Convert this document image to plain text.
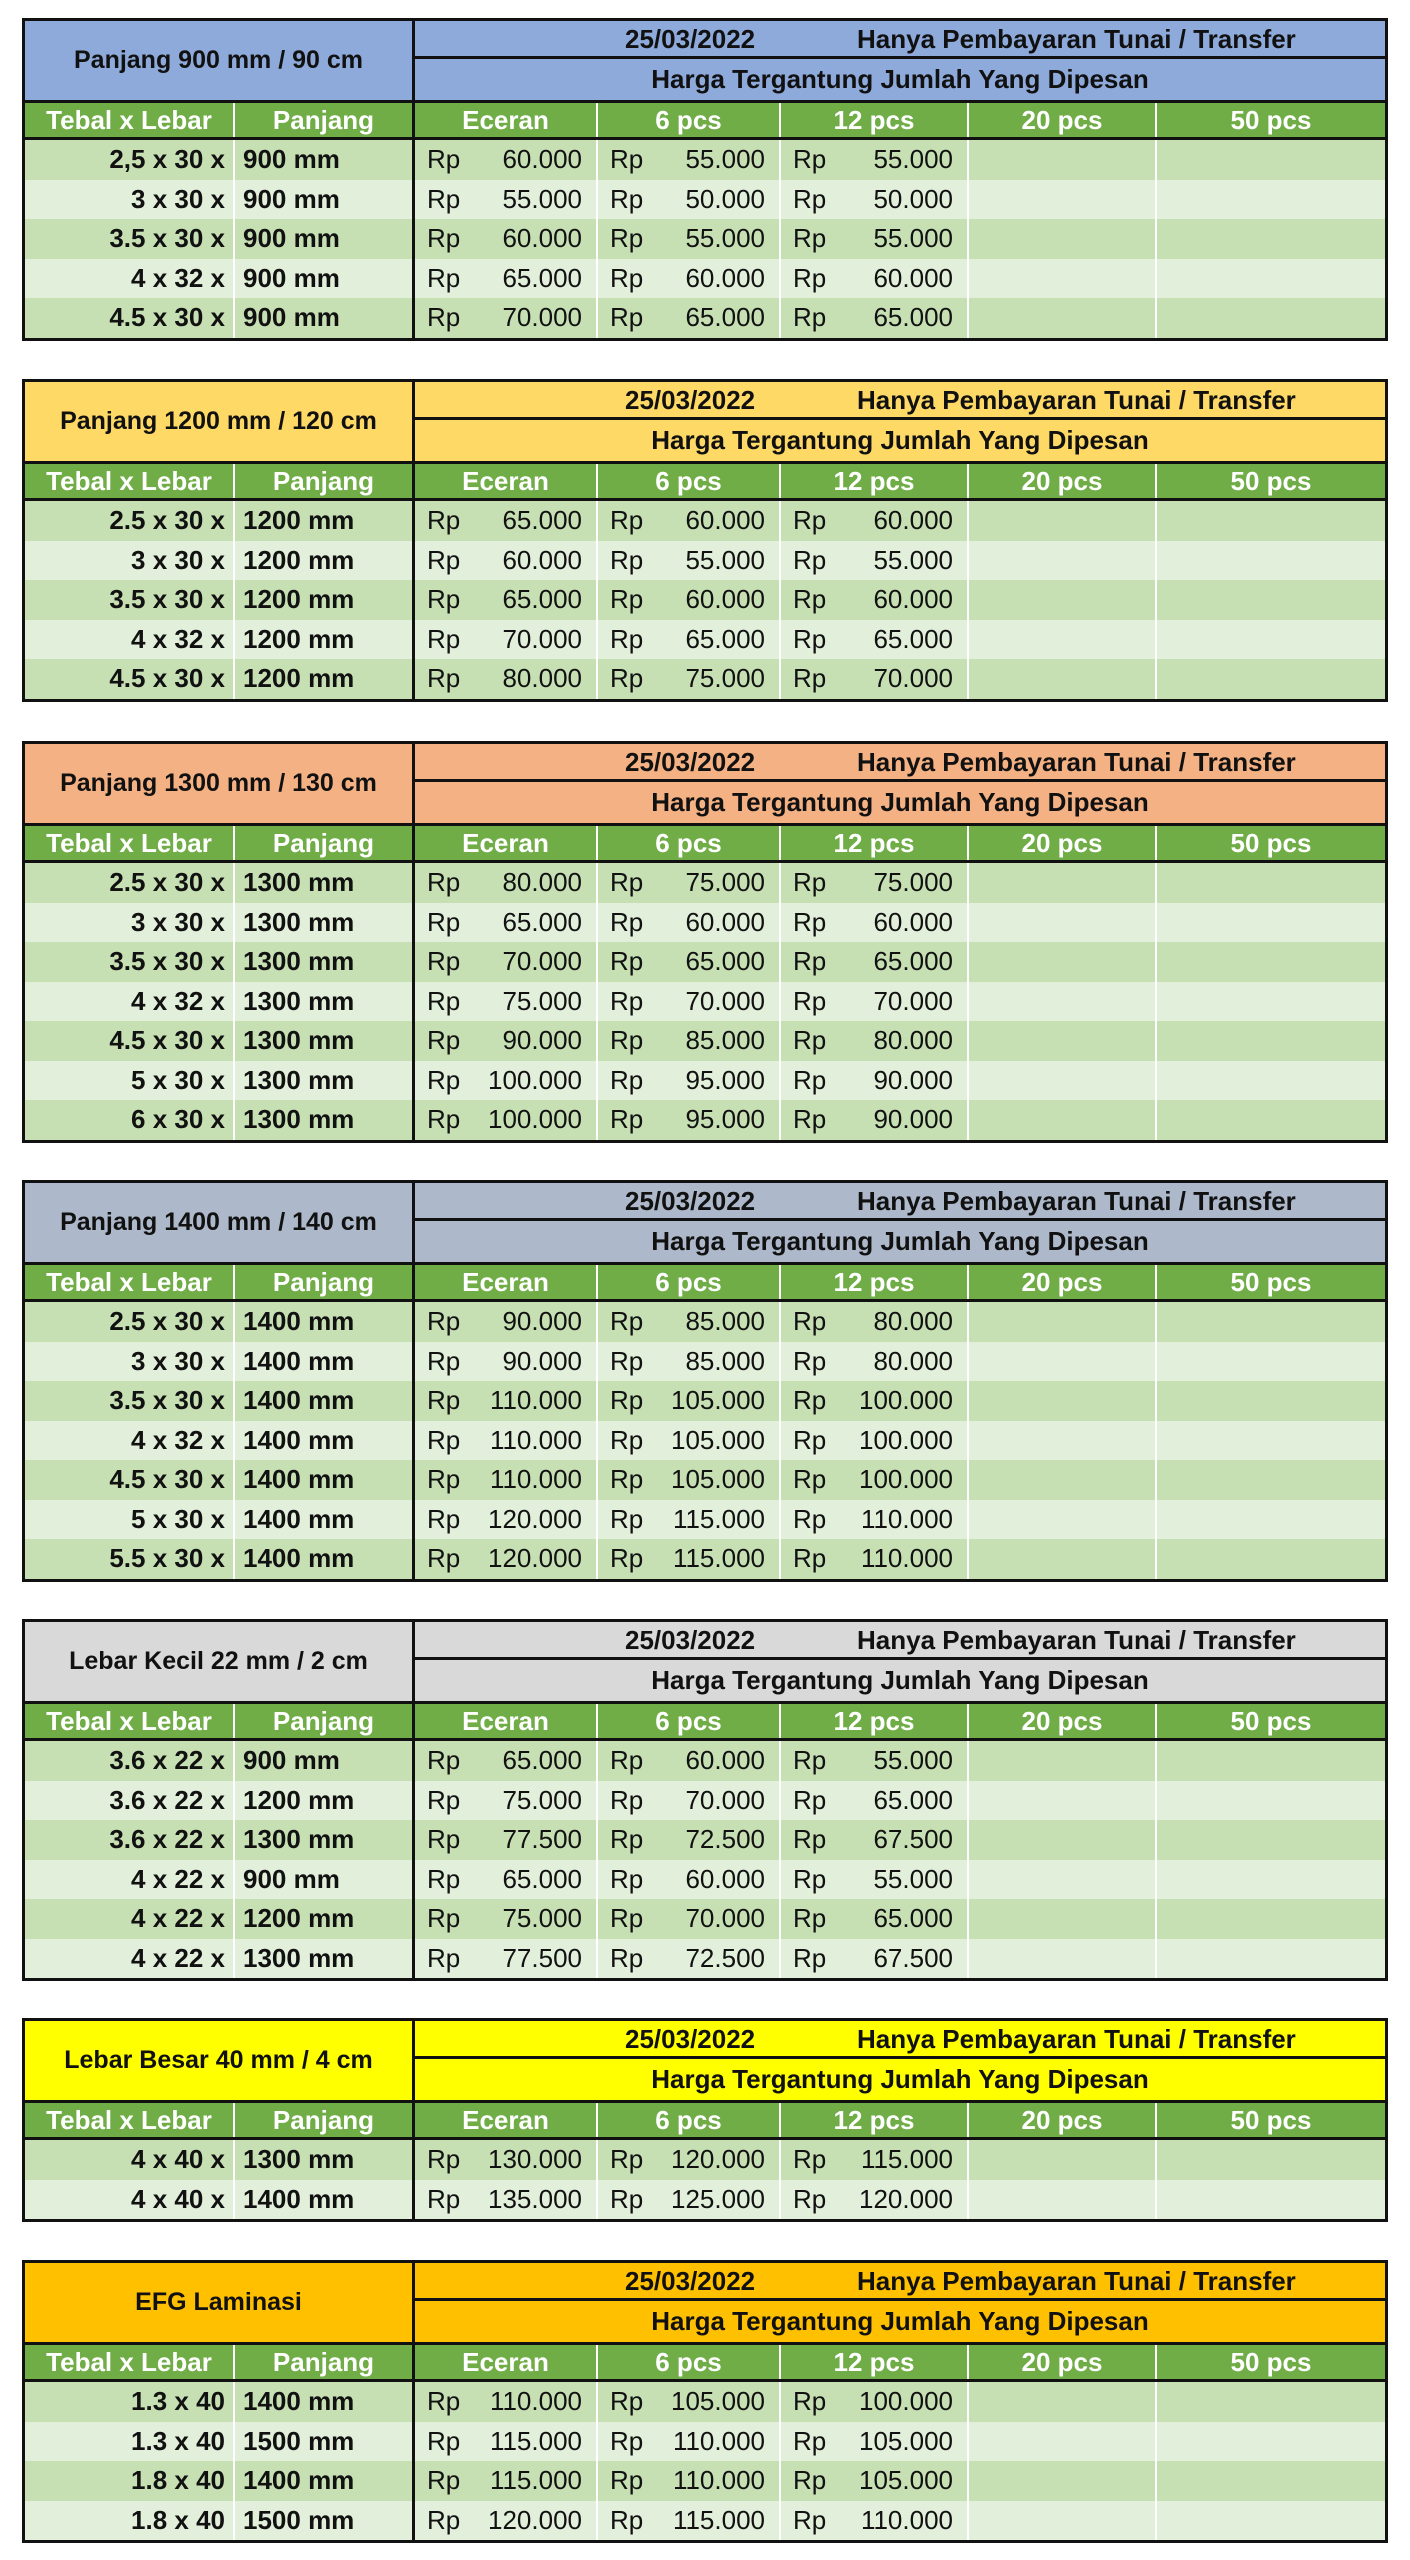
Panjang 900 mm / 90 cm
25/03/2022	Hanya Pembayaran Tunai / Transfer
Harga Tergantung Jumlah Yang Dipesan
Tebal x Lebar	Panjang	Eceran	6 pcs	12 pcs	20 pcs	50 pcs
2,5 x 30 x 900 mm	Rp 60.000 Rp 55.000 Rp 55.000
3 x 30 x 900 mm	Rp 55.000 Rp 50.000 Rp 50.000
3.5 x 30 x 900 mm	Rp 60.000 Rp 55.000 Rp 55.000
4 x 32 x 900 mm	Rp 65.000 Rp 60.000 Rp 60.000
4.5 x 30 x 900 mm	Rp 70.000 Rp 65.000 Rp 65.000
Panjang 1200 mm / 120 cm
25/03/2022	Hanya Pembayaran Tunai / Transfer
Harga Tergantung Jumlah Yang Dipesan
Tebal x Lebar	Panjang	Eceran	6 pcs	12 pcs	20 pcs	50 pcs
2.5 x 30 x 1200 mm	Rp 65.000 Rp 60.000 Rp 60.000
3 x 30 x 1200 mm	Rp 60.000 Rp 55.000 Rp 55.000
3.5 x 30 x 1200 mm	Rp 65.000 Rp 60.000 Rp 60.000
4 x 32 x 1200 mm	Rp 70.000 Rp 65.000 Rp 65.000
4.5 x 30 x 1200 mm	Rp 80.000 Rp 75.000 Rp 70.000
Panjang 1300 mm / 130 cm
25/03/2022	Hanya Pembayaran Tunai / Transfer
Harga Tergantung Jumlah Yang Dipesan
Tebal x Lebar	Panjang	Eceran	6 pcs	12 pcs	20 pcs	50 pcs
2.5 x 30 x 1300 mm	Rp 80.000 Rp 75.000 Rp 75.000
3 x 30 x 1300 mm	Rp 65.000 Rp 60.000 Rp 60.000
3.5 x 30 x 1300 mm	Rp 70.000 Rp 65.000 Rp 65.000
4 x 32 x 1300 mm	Rp 75.000 Rp 70.000 Rp 70.000
4.5 x 30 x 1300 mm	Rp 90.000 Rp 85.000 Rp 80.000
5 x 30 x 1300 mm	Rp 100.000 Rp 95.000 Rp 90.000
6 x 30 x 1300 mm	Rp 100.000 Rp 95.000 Rp 90.000
Panjang 1400 mm / 140 cm
25/03/2022	Hanya Pembayaran Tunai / Transfer
Harga Tergantung Jumlah Yang Dipesan
Tebal x Lebar	Panjang	Eceran	6 pcs	12 pcs	20 pcs	50 pcs
2.5 x 30 x 1400 mm	Rp 90.000 Rp 85.000 Rp 80.000
3 x 30 x 1400 mm	Rp 90.000 Rp 85.000 Rp 80.000
3.5 x 30 x 1400 mm	Rp 110.000 Rp 105.000 Rp 100.000
4 x 32 x 1400 mm	Rp 110.000 Rp 105.000 Rp 100.000
4.5 x 30 x 1400 mm	Rp 110.000 Rp 105.000 Rp 100.000
5 x 30 x 1400 mm	Rp 120.000 Rp 115.000 Rp 110.000
5.5 x 30 x 1400 mm	Rp 120.000 Rp 115.000 Rp 110.000
Lebar Kecil 22 mm / 2 cm
25/03/2022	Hanya Pembayaran Tunai / Transfer
Harga Tergantung Jumlah Yang Dipesan
Tebal x Lebar	Panjang	Eceran	6 pcs	12 pcs	20 pcs	50 pcs
3.6 x 22 x 900 mm	Rp 65.000 Rp 60.000 Rp 55.000
3.6 x 22 x 1200 mm	Rp 75.000 Rp 70.000 Rp 65.000
3.6 x 22 x 1300 mm	Rp 77.500 Rp 72.500 Rp 67.500
4 x 22 x 900 mm	Rp 65.000 Rp 60.000 Rp 55.000
4 x 22 x 1200 mm	Rp 75.000 Rp 70.000 Rp 65.000
4 x 22 x 1300 mm	Rp 77.500 Rp 72.500 Rp 67.500
Lebar Besar 40 mm / 4 cm
25/03/2022	Hanya Pembayaran Tunai / Transfer
Harga Tergantung Jumlah Yang Dipesan
Tebal x Lebar	Panjang	Eceran	6 pcs	12 pcs	20 pcs	50 pcs
4 x 40 x 1300 mm	Rp 130.000 Rp 120.000 Rp 115.000
4 x 40 x 1400 mm	Rp 135.000 Rp 125.000 Rp 120.000
EFG Laminasi
25/03/2022	Hanya Pembayaran Tunai / Transfer
Harga Tergantung Jumlah Yang Dipesan
Tebal x Lebar	Panjang	Eceran	6 pcs	12 pcs	20 pcs	50 pcs
1.3 x 40 1400 mm	Rp 110.000 Rp 105.000 Rp 100.000
1.3 x 40 1500 mm	Rp 115.000 Rp 110.000 Rp 105.000
1.8 x 40 1400 mm	Rp 115.000 Rp 110.000 Rp 105.000
1.8 x 40 1500 mm	Rp 120.000 Rp 115.000 Rp 110.000
